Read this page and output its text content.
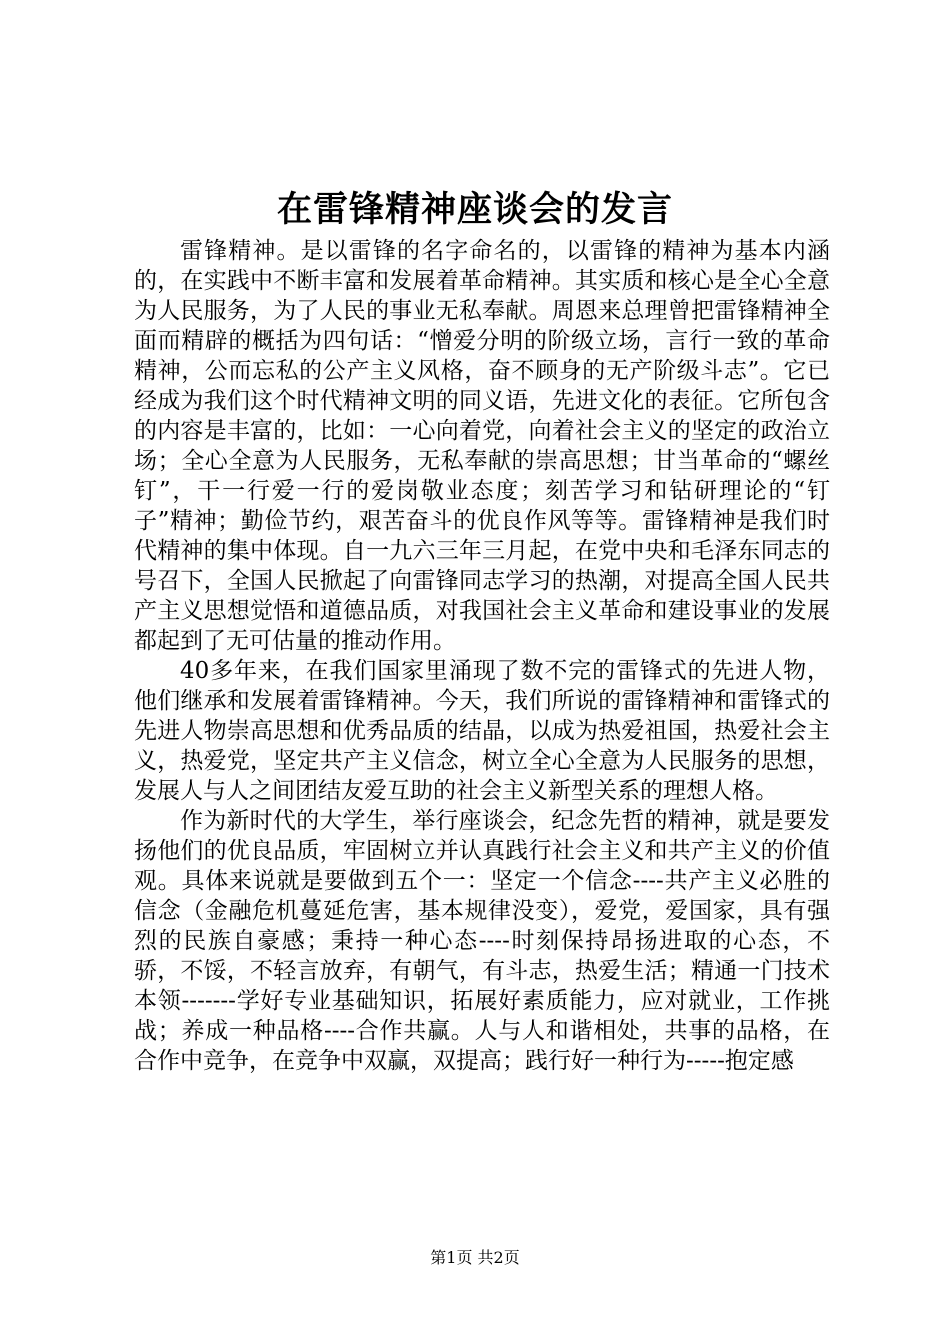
在雷锋精神座谈会的发言

雷锋精神。是以雷锋的名字命名的，以雷锋的精神为基本内涵的，在实践中不断丰富和发展着革命精神。其实质和核心是全心全意为人民服务，为了人民的事业无私奉献。周恩来总理曾把雷锋精神全面而精辟的概括为四句话：“憎爱分明的阶级立场，言行一致的革命精神，公而忘私的公产主义风格，奋不顾身的无产阶级斗志”。它已经成为我们这个时代精神文明的同义语，先进文化的表征。它所包含的内容是丰富的，比如：一心向着党，向着社会主义的坚定的政治立场；全心全意为人民服务，无私奉献的崇高思想；甘当革命的“螺丝钉”，干一行爱一行的爱岗敬业态度；刻苦学习和钻研理论的“钉子”精神；勤俭节约，艰苦奋斗的优良作风等等。雷锋精神是我们时代精神的集中体现。自一九六三年三月起，在党中央和毛泽东同志的号召下，全国人民掀起了向雷锋同志学习的热潮，对提高全国人民共产主义思想觉悟和道德品质，对我国社会主义革命和建设事业的发展都起到了无可估量的推动作用。

40多年来，在我们国家里涌现了数不完的雷锋式的先进人物，他们继承和发展着雷锋精神。今天，我们所说的雷锋精神和雷锋式的先进人物崇高思想和优秀品质的结晶，以成为热爱祖国，热爱社会主义，热爱党，坚定共产主义信念，树立全心全意为人民服务的思想，发展人与人之间团结友爱互助的社会主义新型关系的理想人格。

作为新时代的大学生，举行座谈会，纪念先哲的精神，就是要发扬他们的优良品质，牢固树立并认真践行社会主义和共产主义的价值观。具体来说就是要做到五个一：坚定一个信念----共产主义必胜的信念（金融危机蔓延危害，基本规律没变），爱党，爱国家，具有强烈的民族自豪感；秉持一种心态----时刻保持昂扬进取的心态，不骄，不馁，不轻言放弃，有朝气，有斗志，热爱生活；精通一门技术本领-------学好专业基础知识，拓展好素质能力，应对就业，工作挑战；养成一种品格----合作共赢。人与人和谐相处，共事的品格，在合作中竞争，在竞争中双赢，双提高；践行好一种行为-----抱定感

第1页 共2页
